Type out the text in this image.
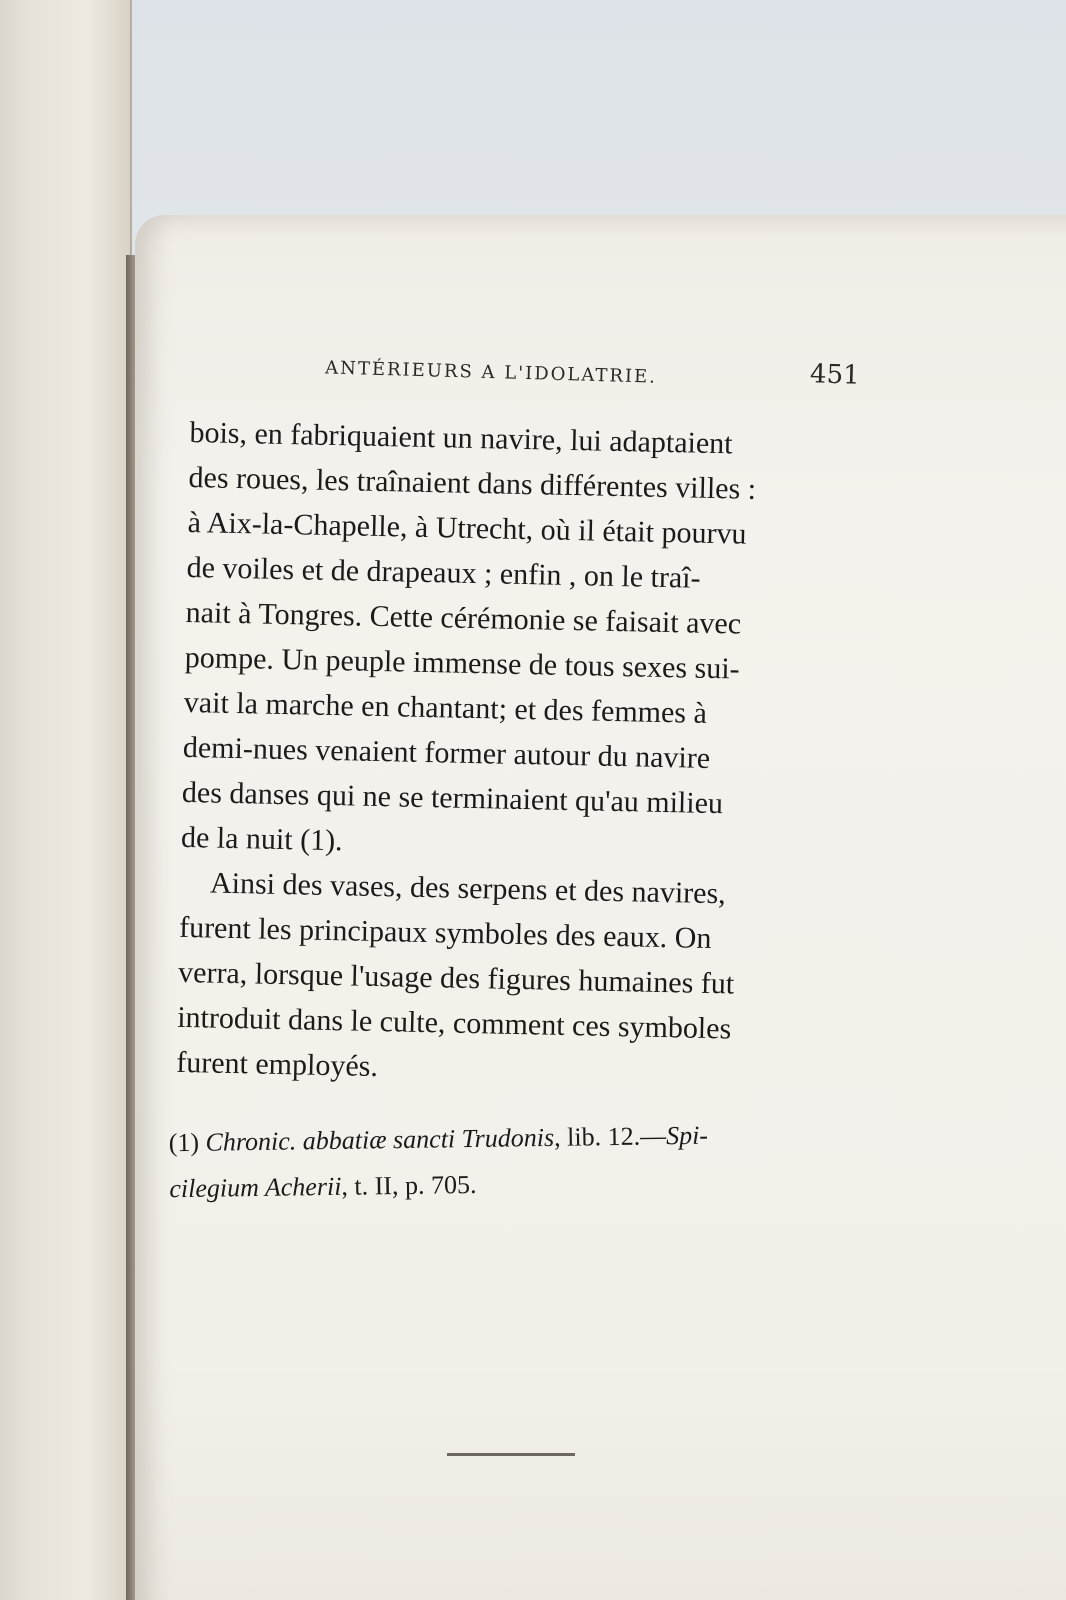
ANTÉRIEURS A L'IDOLATRIE.	451
bois, en fabriquaient un navire, lui adaptaient
des roues, les traînaient dans différentes villes :
à Aix-la-Chapelle, à Utrecht, où il était pourvu
de voiles et de drapeaux ; enfin , on le traî-
nait à Tongres. Cette cérémonie se faisait avec
pompe. Un peuple immense de tous sexes sui-
vait la marche en chantant; et des femmes à
demi-nues venaient former autour du navire
des danses qui ne se terminaient qu'au milieu
de la nuit (1).
Ainsi des vases, des serpens et des navires,
furent les principaux symboles des eaux. On
verra, lorsque l'usage des figures humaines fut
introduit dans le culte, comment ces symboles
furent employés.
(1) Chronic. abbatiæ sancti Trudonis, lib. 12.—Spi-
cilegium Acherii, t. II, p. 705.
